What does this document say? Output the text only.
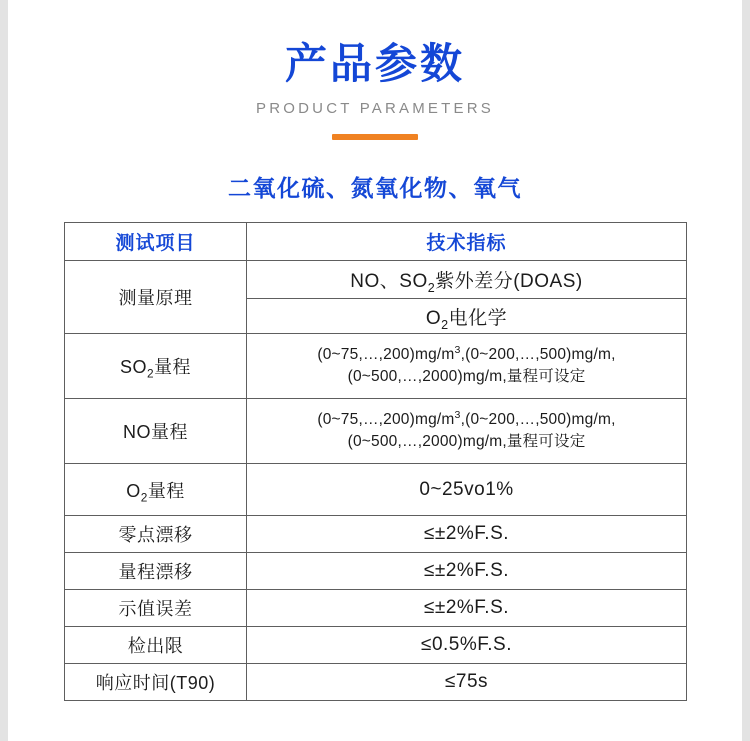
产品参数
PRODUCT PARAMETERS
二氧化硫、氮氧化物、氧气
测试项目	技术指标
测量原理	NO、$SO_2$紫外差分(DOAS)
	$O_2$电化学
$SO_2$量程	$(0\sim 75,\dots,200)mg/m^3,(0\sim 200,\dots,500)mg/m$,
(0~500,…,2000)mg/m,量程可设定
NO量程	$(0\sim 75,\dots,200)mg/m^3,(0\sim 200,\dots,500)mg/m$,
(0~500,…,2000)mg/m,量程可设定
$O_2$量程	0~25vo1%
零点漂移	≤±2%F.S.
量程漂移	≤±2%F.S.
示值误差	≤±2%F.S.
检出限	≤0.5%F.S.
响应时间(T90)	≤75s
